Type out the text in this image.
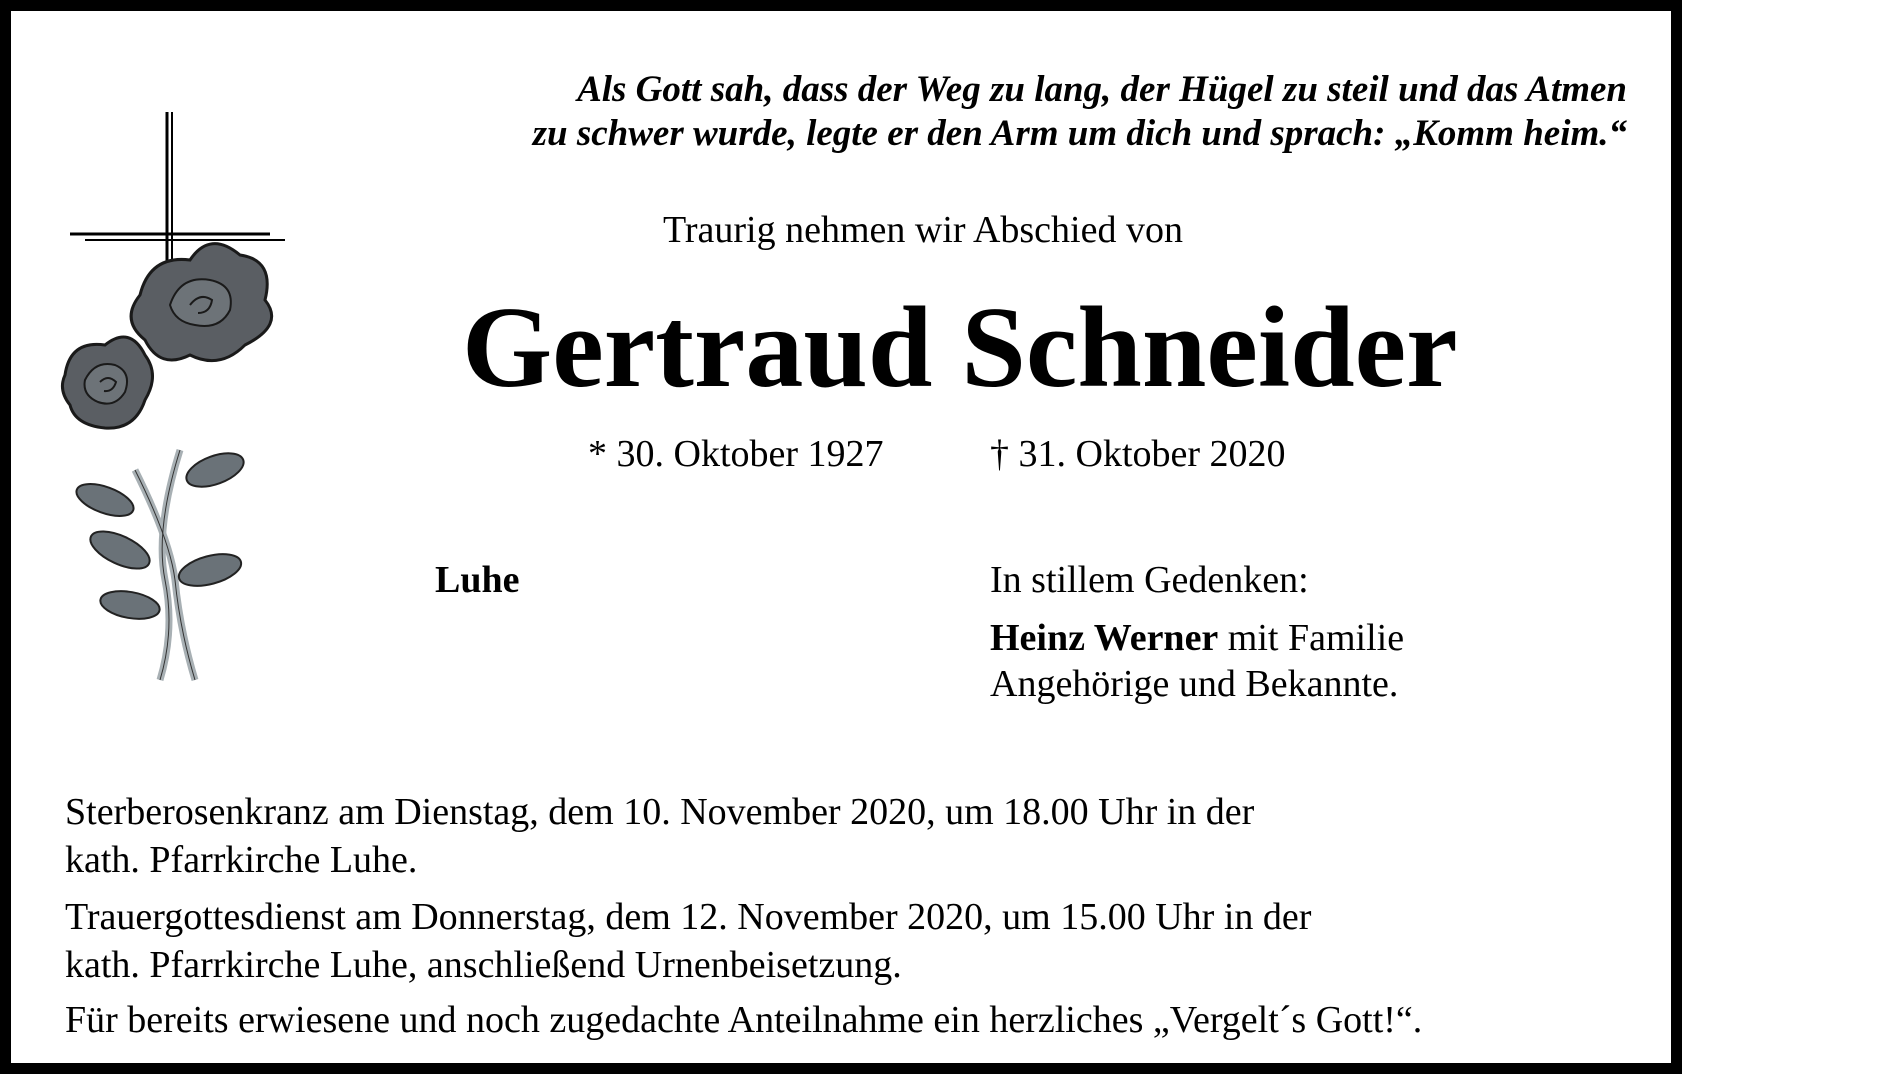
Als Gott sah, dass der Weg zu lang, der Hügel zu steil und das Atmen
zu schwer wurde, legte er den Arm um dich und sprach: „Komm heim.“
Traurig nehmen wir Abschied von
Gertraud Schneider
* 30. Oktober 1927	† 31. Oktober 2020
Luhe	In stillem Gedenken:
Heinz Werner mit Familie
Angehörige und Bekannte.
Sterberosenkranz am Dienstag, dem 10. November 2020, um 18.00 Uhr in der
kath. Pfarrkirche Luhe.
Trauergottesdienst am Donnerstag, dem 12. November 2020, um 15.00 Uhr in der
kath. Pfarrkirche Luhe, anschließend Urnenbeisetzung.
Für bereits erwiesene und noch zugedachte Anteilnahme ein herzliches „Vergelt´s Gott!“.
